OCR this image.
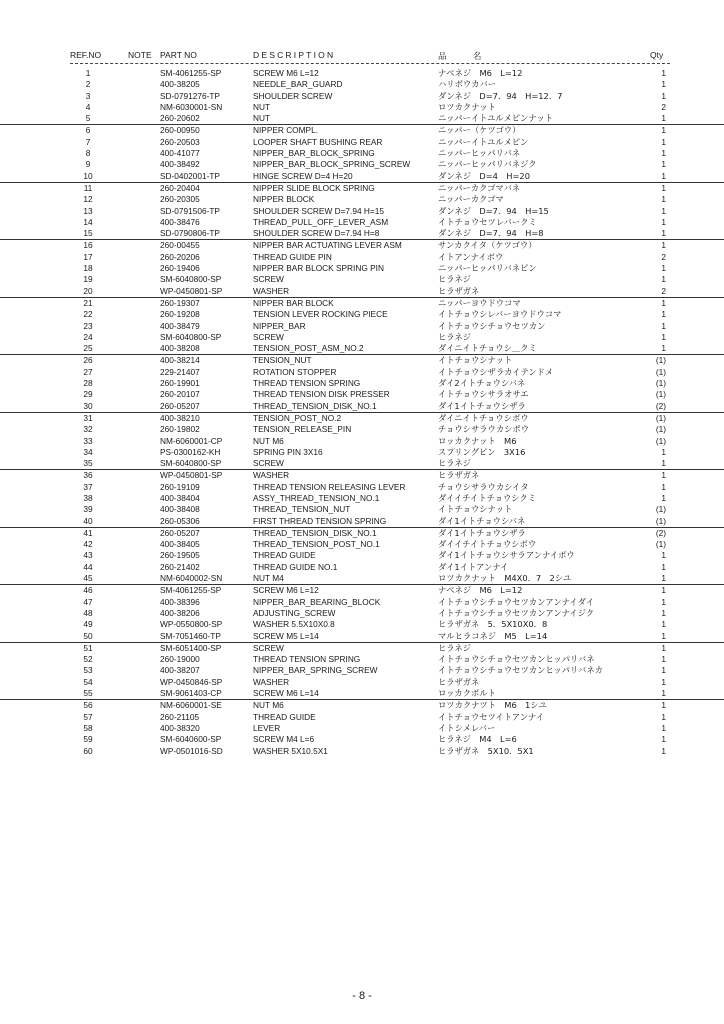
REF.NO	NOTE PART NO	DESCRIPTION	品 名	Qty
1	SM-4061255-SP	SCREW M6 L=12	ナベネジ　M6　L=12	1
2	400-38205	NEEDLE_BAR_GUARD	ハリボウカバー	1
3	SD-0791276-TP	SHOULDER SCREW	ダンネジ　D=7．94　H=12．7	1
4	NM-6030001-SN	NUT	ロツカクナット	2
5	260-20602	NUT	ニッパーイトユルメピンナット	1
6	260-00950	NIPPER COMPL.	ニッパー（ケツゴウ）	1
7	260-20503	LOOPER SHAFT BUSHING REAR	ニッパーイトユルメピン	1
8	400-41077	NIPPER_BAR_BLOCK_SPRING	ニッパーヒッパリバネ	1
9	400-38492	NIPPER_BAR_BLOCK_SPRING_SCREW	ニッパーヒッパリバネジク	1
10	SD-0402001-TP	HINGE SCREW D=4 H=20	ダンネジ　D=4　H=20	1
11	260-20404	NIPPER SLIDE BLOCK SPRING	ニッパーカクゴマバネ	1
12	260-20305	NIPPER BLOCK	ニッパーカクゴマ	1
13	SD-0791506-TP	SHOULDER SCREW D=7.94 H=15	ダンネジ　D=7．94　H=15	1
14	400-38476	THREAD_PULL_OFF_LEVER_ASM	イトチョウセツレバークミ	1
15	SD-0790806-TP	SHOULDER SCREW D=7.94 H=8	ダンネジ　D=7．94　H=8	1
16	260-00455	NIPPER BAR ACTUATING LEVER ASM	サンカクイタ（ケツゴウ）	1
17	260-20206	THREAD GUIDE PIN	イトアンナイボウ	2
18	260-19406	NIPPER BAR BLOCK SPRING PIN	ニッパーヒッパリバネピン	1
19	SM-6040800-SP	SCREW	ヒラネジ	1
20	WP-0450801-SP	WASHER	ヒラザガネ	2
21	260-19307	NIPPER BAR BLOCK	ニッパーヨウドウコマ	1
22	260-19208	TENSION LEVER ROCKING PIECE	イトチョウシレバーヨウドウコマ	1
23	400-38479	NIPPER_BAR	イトチョウシチョウセツカン	1
24	SM-6040800-SP	SCREW	ヒラネジ	1
25	400-38208	TENSION_POST_ASM_NO.2	ダイニイトチョウシ＿クミ	1
26	400-38214	TENSION_NUT	イトチョウシナット	(1)
27	229-21407	ROTATION STOPPER	イトチョウシザラカイテンドメ	(1)
28	260-19901	THREAD TENSION SPRING	ダイ2イトチョウシバネ	(1)
29	260-20107	THREAD TENSION DISK PRESSER	イトチョウシサラオサエ	(1)
30	260-05207	THREAD_TENSION_DISK_NO.1	ダイ1イトチョウシザラ	(2)
31	400-38210	TENSION_POST_NO.2	ダイニイトチョウシボウ	(1)
32	260-19802	TENSION_RELEASE_PIN	チョウシサラウカシボウ	(1)
33	NM-6060001-CP	NUT M6	ロッカクナット　M6	(1)
34	PS-0300162-KH	SPRING PIN 3X16	スプリングピン　3X16	1
35	SM-6040800-SP	SCREW	ヒラネジ	1
36	WP-0450801-SP	WASHER	ヒラザガネ	1
37	260-19109	THREAD TENSION RELEASING LEVER	チョウシサラウカシイタ	1
38	400-38404	ASSY_THREAD_TENSION_NO.1	ダイイチイトチョウシクミ	1
39	400-38408	THREAD_TENSION_NUT	イトチョウシナット	(1)
40	260-05306	FIRST THREAD TENSION SPRING	ダイ1イトチョウシバネ	(1)
41	260-05207	THREAD_TENSION_DISK_NO.1	ダイ1イトチョウシザラ	(2)
42	400-38405	THREAD_TENSION_POST_NO.1	ダイイチイトチョウシボウ	(1)
43	260-19505	THREAD GUIDE	ダイ1イトチョウシサラアンナイボウ	1
44	260-21402	THREAD GUIDE NO.1	ダイ1イトアンナイ	1
45	NM-6040002-SN	NUT M4	ロツカクナット　M4X0．7　2シユ	1
46	SM-4061255-SP	SCREW M6 L=12	ナベネジ　M6　L=12	1
47	400-38396	NIPPER_BAR_BEARING_BLOCK	イトチョウシチョウセツカンアンナイダイ	1
48	400-38206	ADJUSTING_SCREW	イトチョウシチョウセツカンアンナイジク	1
49	WP-0550800-SP	WASHER 5.5X10X0.8	ヒラザガネ　5．5X10X0．8	1
50	SM-7051460-TP	SCREW M5 L=14	マルヒラコネジ　M5　L=14	1
51	SM-6051400-SP	SCREW	ヒラネジ	1
52	260-19000	THREAD TENSION SPRING	イトチョウシチョウセツカンヒッパリバネ	1
53	400-38207	NIPPER_BAR_SPRING_SCREW	イトチョウシチョウセツカンヒッパリバネカ	1
54	WP-0450846-SP	WASHER	ヒラザガネ	1
55	SM-9061403-CP	SCREW M6 L=14	ロッカクボルト	1
56	NM-6060001-SE	NUT M6	ロツカクナツト　M6　1シユ	1
57	260-21105	THREAD GUIDE	イトチョウセツイトアンナイ	1
58	400-38320	LEVER	イトシメレバー	1
59	SM-6040600-SP	SCREW M4 L=6	ヒラネジ　M4　L=6	1
60	WP-0501016-SD	WASHER 5X10.5X1	ヒラザガネ　5X10．5X1	1
- 8 -
